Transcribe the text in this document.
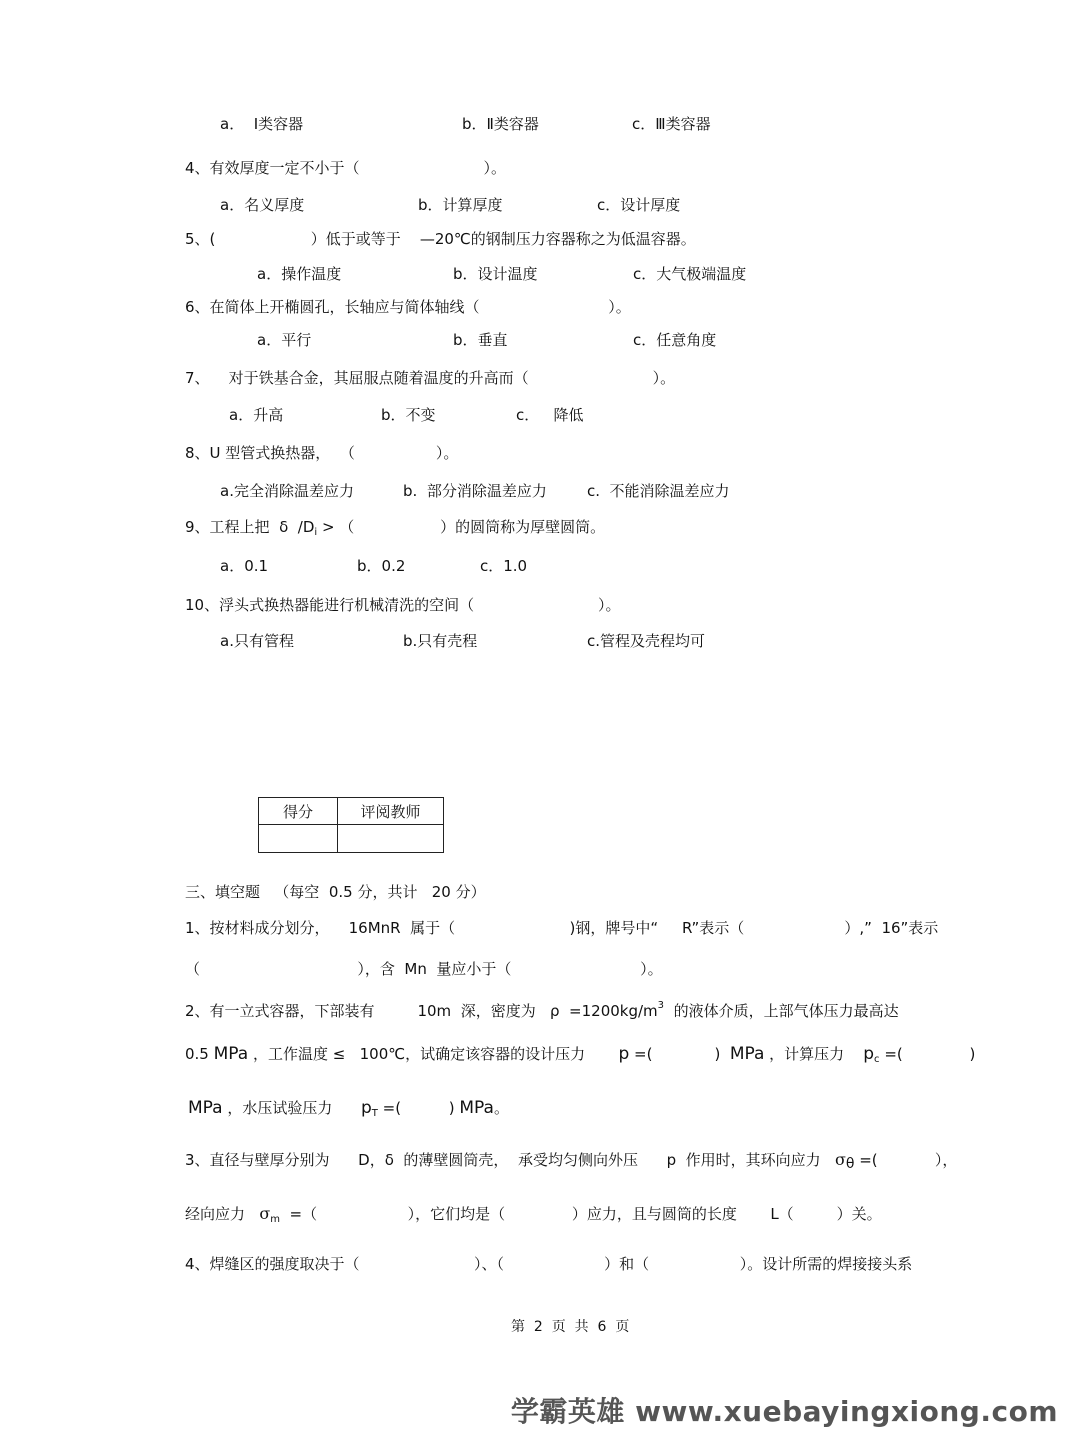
a．  Ⅰ类容器	b．Ⅱ类容器	c．Ⅲ类容器
4、有效厚度一定不小于（                          ）。
a．名义厚度	b．计算厚度	c．设计厚度
5、(                    ）低于或等于    —20℃的钢制压力容器称之为低温容器。
a．操作温度	b．设计温度	c．大气极端温度
6、在简体上开椭圆孔，长轴应与简体轴线（                           ）。
a．平行	b．垂直	c．任意角度
7、    对于铁基合金，其屈服点随着温度的升高而（                          ）。
a．升高	b．不变	c．   降低
8、U 型管式换热器，  （                 ）。
a.完全消除温差应力	b.  部分消除温差应力	c.  不能消除温差应力
9、工程上把  δ  $/D_i$ > （                  ）的圆筒称为厚壁圆筒。
a．0.1	b．0.2	c．1.0
10、浮头式换热器能进行机械清洗的空间（                          ）。
a.只有管程	b.只有壳程	c.管程及壳程均可
得分	评阅教师

三、填空题   （每空  0.5 分，共计   20 分）
1、按材料成分划分，    16MnR  属于（                        )钢，牌号中“     R”表示（                     ）,”  16”表示
（                                 ），含  Mn  量应小于（                           ）。
2、有一立式容器，下部装有         10m  深，密度为   $\rho =1200kg/m^3$  的液体介质，上部气体压力最高达
0.5 MPa ，工作温度 ≤   100℃，试确定该容器的设计压力       p =(             )  MPa ，计算压力    $p_c$ =(              )
MPa ，水压试验压力      $p_T$ =(          ) MPa。
3、直径与壁厚分别为      D，δ  的薄壁圆筒壳，  承受均匀侧向外压      p  作用时，其环向应力   σθ =(            ），
经向应力   $\sigma_m$  =（                   ），它们均是（              ）应力，且与圆筒的长度       L（         ）关。
4、焊缝区的强度取决于（                        ）、（                     ）和（                   ）。设计所需的焊接接头系
第  2  页  共  6  页
学霸英雄 www.xuebayingxiong.com
